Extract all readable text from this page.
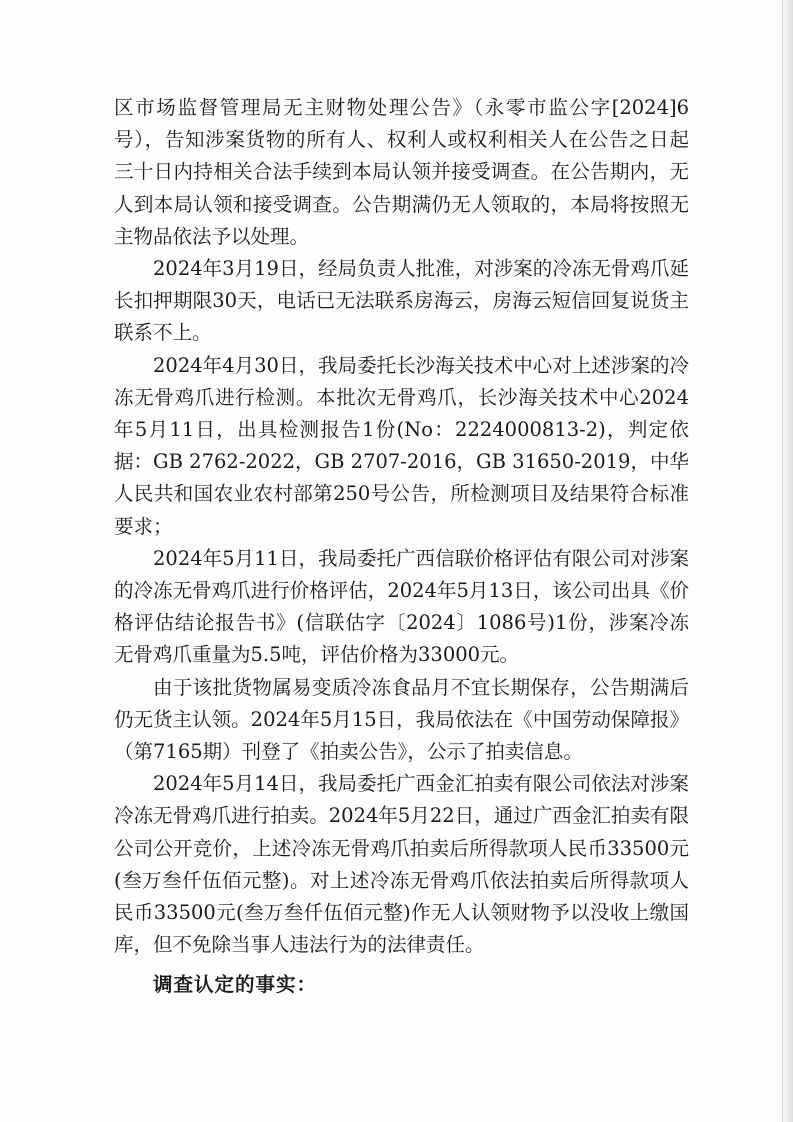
区市场监督管理局无主财物处理公告》（永零市监公字[2024]6号），告知涉案货物的所有人、权利人或权利相关人在公告之日起三十日内持相关合法手续到本局认领并接受调查。在公告期内，无人到本局认领和接受调查。公告期满仍无人领取的，本局将按照无主物品依法予以处理。

2024年3月19日，经局负责人批准，对涉案的冷冻无骨鸡爪延长扣押期限30天，电话已无法联系房海云，房海云短信回复说货主联系不上。

2024年4月30日，我局委托长沙海关技术中心对上述涉案的冷冻无骨鸡爪进行检测。本批次无骨鸡爪，长沙海关技术中心2024年5月11日，出具检测报告1份(No：2224000813-2)，判定依据：GB 2762-2022，GB 2707-2016，GB 31650-2019，中华人民共和国农业农村部第250号公告，所检测项目及结果符合标准要求；

2024年5月11日，我局委托广西信联价格评估有限公司对涉案的冷冻无骨鸡爪进行价格评估，2024年5月13日，该公司出具《价格评估结论报告书》(信联估字〔2024〕1086号)1份，涉案冷冻无骨鸡爪重量为5.5吨，评估价格为33000元。

由于该批货物属易变质冷冻食品月不宜长期保存，公告期满后仍无货主认领。2024年5月15日，我局依法在《中国劳动保障报》（第7165期）刊登了《拍卖公告》，公示了拍卖信息。

2024年5月14日，我局委托广西金汇拍卖有限公司依法对涉案冷冻无骨鸡爪进行拍卖。2024年5月22日，通过广西金汇拍卖有限公司公开竞价，上述冷冻无骨鸡爪拍卖后所得款项人民币33500元(叁万叁仟伍佰元整)。对上述冷冻无骨鸡爪依法拍卖后所得款项人民币33500元(叁万叁仟伍佰元整)作无人认领财物予以没收上缴国库，但不免除当事人违法行为的法律责任。

调查认定的事实：
